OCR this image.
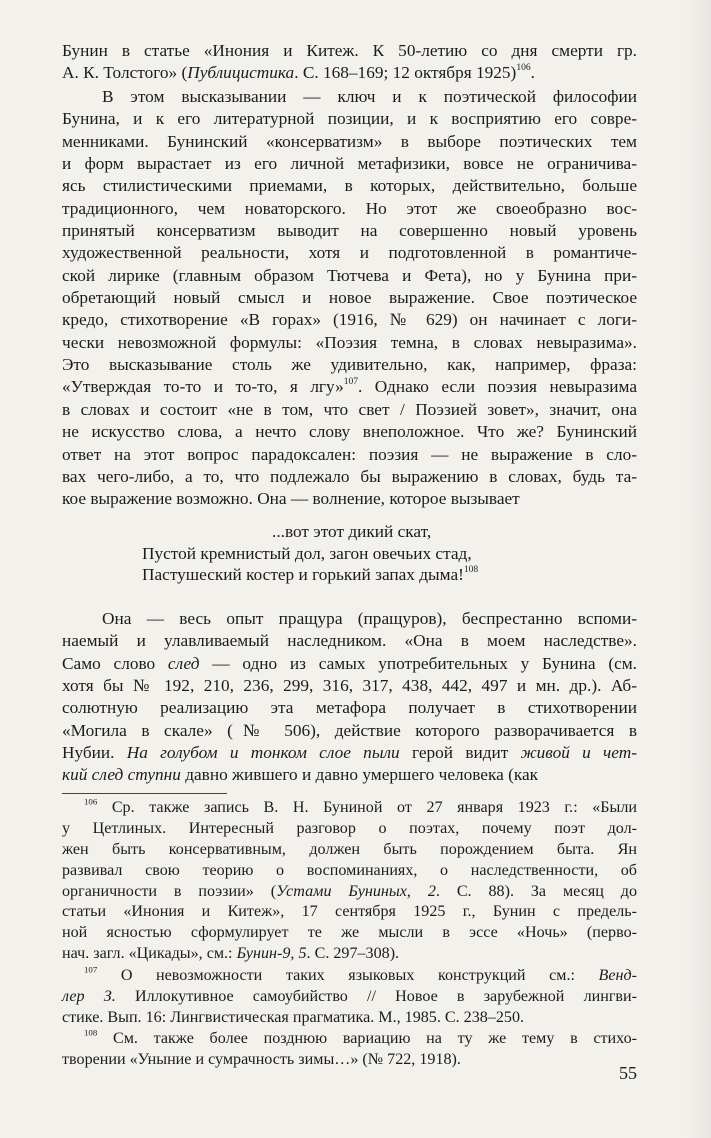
Бунин в статье «Инония и Китеж. К 50-летию со дня смерти гр.
А. К. Толстого» (Публицистика. С. 168–169; 12 октября 1925)$^{106}$.
В этом высказывании — ключ и к поэтической философии
Бунина, и к его литературной позиции, и к восприятию его совре-
менниками. Бунинский «консерватизм» в выборе поэтических тем
и форм вырастает из его личной метафизики, вовсе не ограничива-
ясь стилистическими приемами, в которых, действительно, больше
традиционного, чем новаторского. Но этот же своеобразно вос-
принятый консерватизм выводит на совершенно новый уровень
художественной реальности, хотя и подготовленной в романтиче-
ской лирике (главным образом Тютчева и Фета), но у Бунина при-
обретающий новый смысл и новое выражение. Свое поэтическое
кредо, стихотворение «В горах» (1916, № 629) он начинает с логи-
чески невозможной формулы: «Поэзия темна, в словах невыразима».
Это высказывание столь же удивительно, как, например, фраза:
«Утверждая то-то и то-то, я лгу»$^{107}$. Однако если поэзия невыразима
в словах и состоит «не в том, что свет / Поэзией зовет», значит, она
не искусство слова, а нечто слову внеположное. Что же? Бунинский
ответ на этот вопрос парадоксален: поэзия — не выражение в сло-
вах чего-либо, а то, что подлежало бы выражению в словах, будь та-
кое выражение возможно. Она — волнение, которое вызывает
...вот этот дикий скат,
Пустой кремнистый дол, загон овечьих стад,
Пастушеский костер и горький запах дыма!$^{108}$
Она — весь опыт пращура (пращуров), беспрестанно вспоми-
наемый и улавливаемый наследником. «Она в моем наследстве».
Само слово след — одно из самых употребительных у Бунина (см.
хотя бы № 192, 210, 236, 299, 316, 317, 438, 442, 497 и мн. др.). Аб-
солютную реализацию эта метафора получает в стихотворении
«Могила в скале» (№ 506), действие которого разворачивается в
Нубии. На голубом и тонком слое пыли герой видит живой и чет-
кий след ступни давно жившего и давно умершего человека (как
$^{106}$ Ср. также запись В. Н. Буниной от 27 января 1923 г.: «Были
у Цетлиных. Интересный разговор о поэтах, почему поэт дол-
жен быть консервативным, должен быть порождением быта. Ян
развивал свою теорию о воспоминаниях, о наследственности, об
органичности в поэзии» (Устами Буниных, 2. С. 88). За месяц до
статьи «Инония и Китеж», 17 сентября 1925 г., Бунин с предель-
ной ясностью сформулирует те же мысли в эссе «Ночь» (перво-
нач. загл. «Цикады», см.: Бунин-9, 5. С. 297–308).
$^{107}$ О невозможности таких языковых конструкций см.: Венд-
лер З. Иллокутивное самоубийство // Новое в зарубежной лингви-
стике. Вып. 16: Лингвистическая прагматика. М., 1985. С. 238–250.
$^{108}$ См. также более позднюю вариацию на ту же тему в стихо-
творении «Уныние и сумрачность зимы…» (№ 722, 1918).
55
